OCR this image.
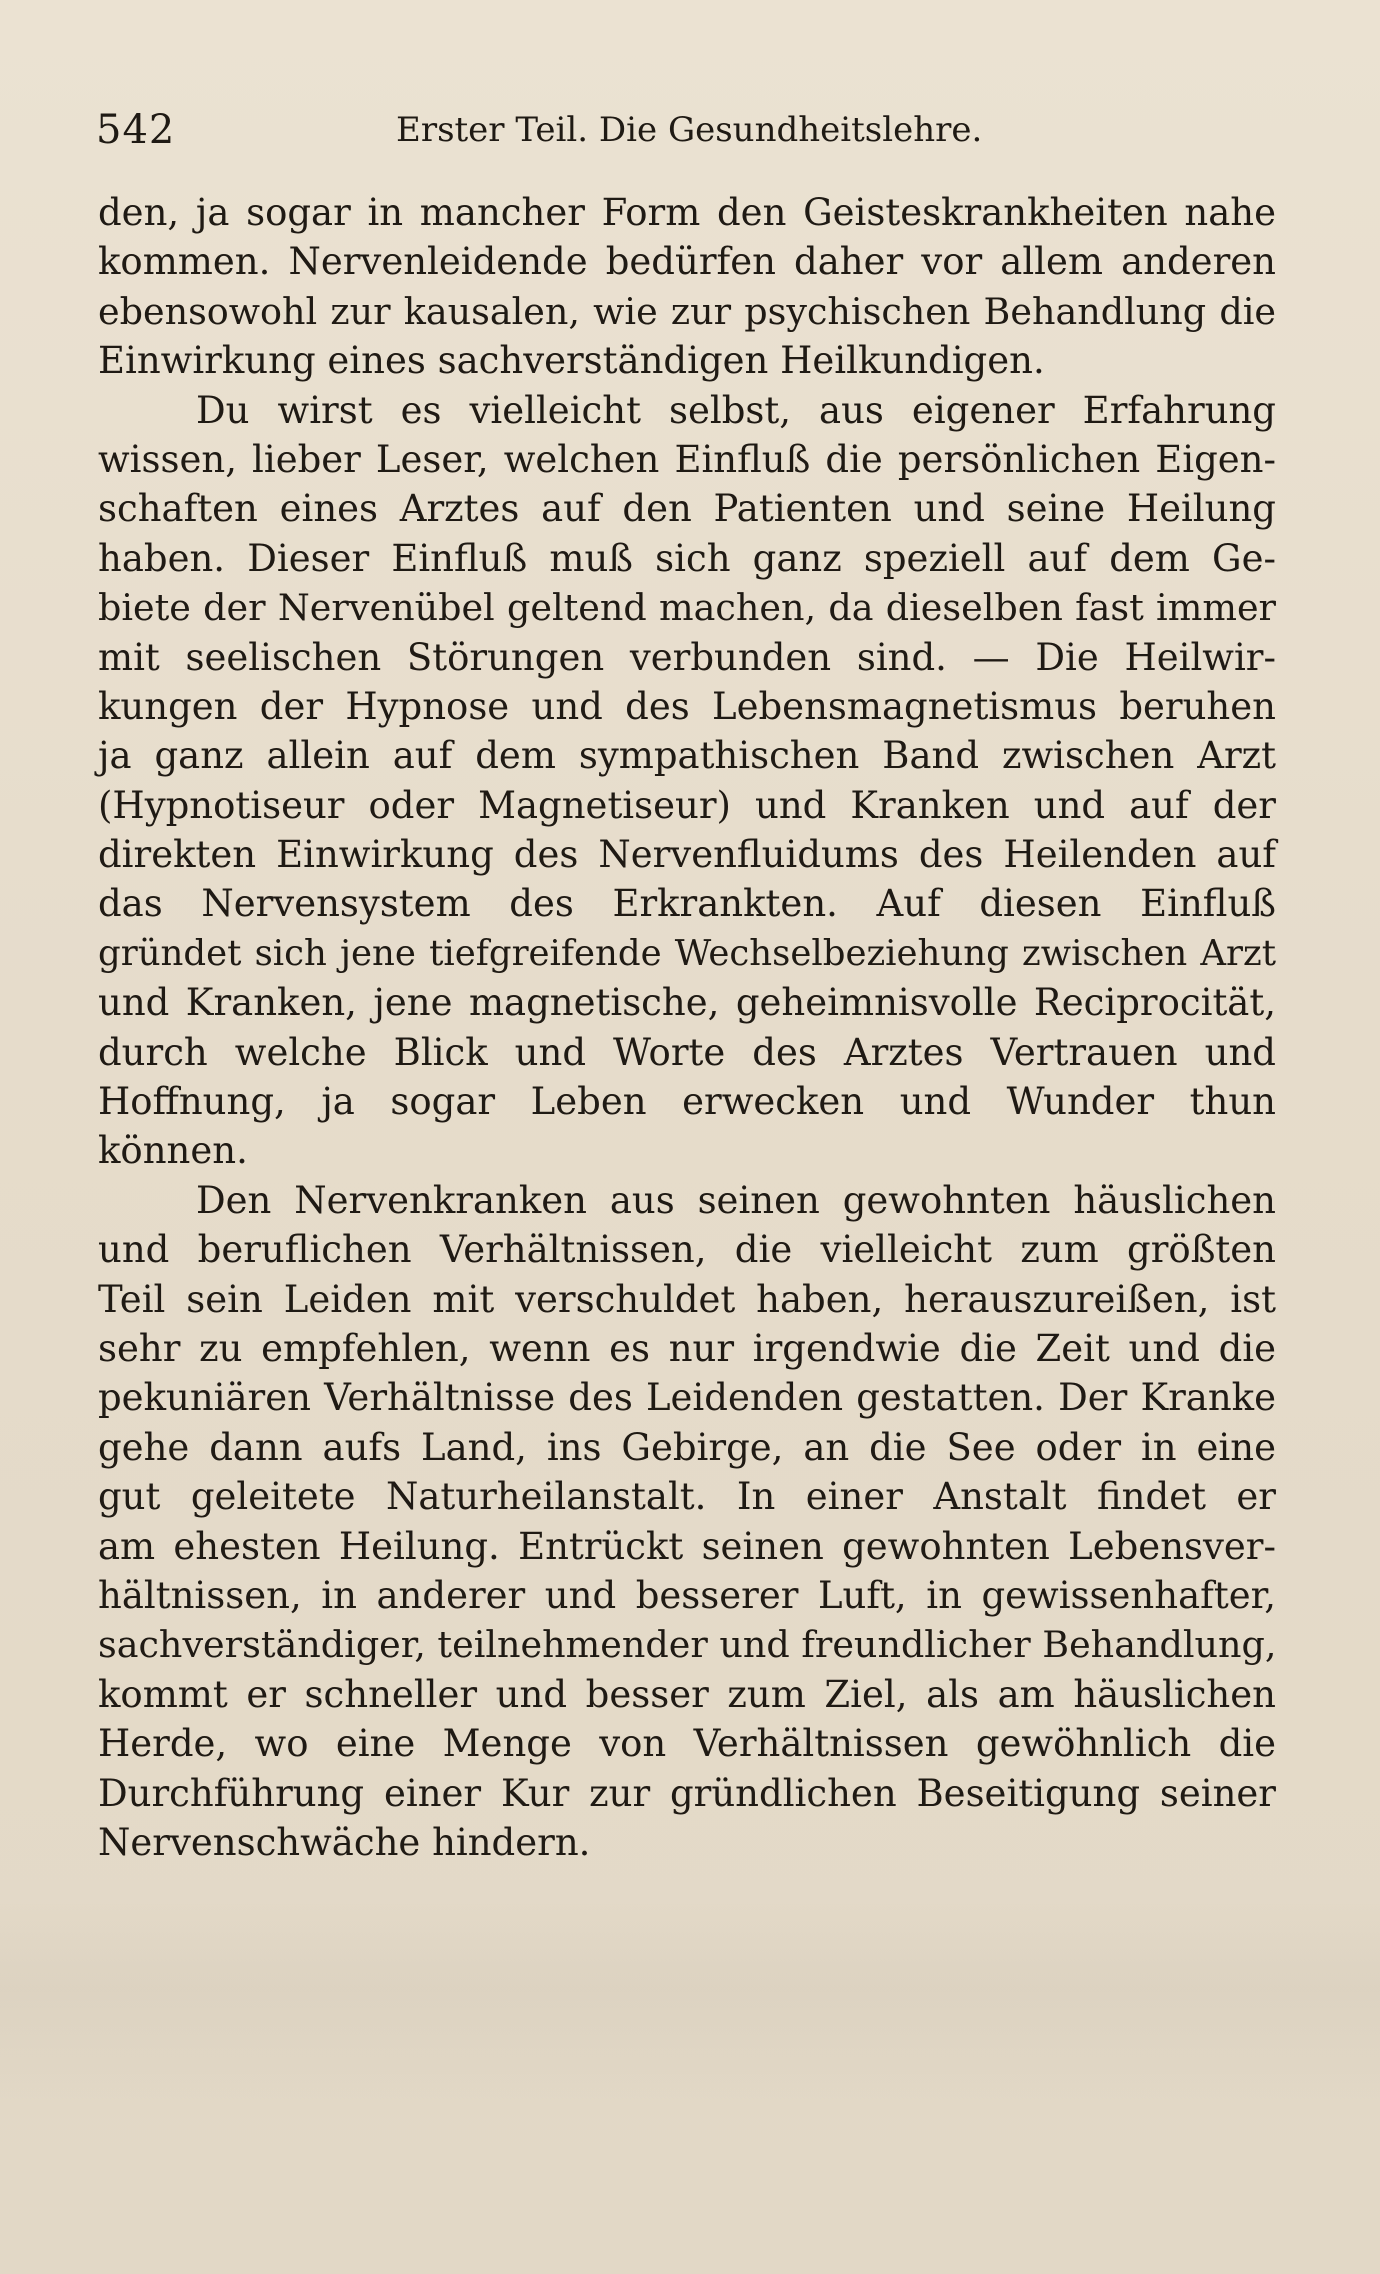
542	Erster Teil. Die Gesundheitslehre.
den, ja sogar in mancher Form den Geisteskrankheiten nahe
kommen. Nervenleidende bedürfen daher vor allem anderen
ebensowohl zur kausalen, wie zur psychischen Behandlung die
Einwirkung eines sachverständigen Heilkundigen.
Du wirst es vielleicht selbst, aus eigener Erfahrung
wissen, lieber Leser, welchen Einfluß die persönlichen Eigen-
schaften eines Arztes auf den Patienten und seine Heilung
haben. Dieser Einfluß muß sich ganz speziell auf dem Ge-
biete der Nervenübel geltend machen, da dieselben fast immer
mit seelischen Störungen verbunden sind. — Die Heilwir-
kungen der Hypnose und des Lebensmagnetismus beruhen
ja ganz allein auf dem sympathischen Band zwischen Arzt
(Hypnotiseur oder Magnetiseur) und Kranken und auf der
direkten Einwirkung des Nervenfluidums des Heilenden auf
das Nervensystem des Erkrankten. Auf diesen Einfluß
gründet sich jene tiefgreifende Wechselbeziehung zwischen Arzt
und Kranken, jene magnetische, geheimnisvolle Reciprocität,
durch welche Blick und Worte des Arztes Vertrauen und
Hoffnung, ja sogar Leben erwecken und Wunder thun
können.
Den Nervenkranken aus seinen gewohnten häuslichen
und beruflichen Verhältnissen, die vielleicht zum größten
Teil sein Leiden mit verschuldet haben, herauszureißen, ist
sehr zu empfehlen, wenn es nur irgendwie die Zeit und die
pekuniären Verhältnisse des Leidenden gestatten. Der Kranke
gehe dann aufs Land, ins Gebirge, an die See oder in eine
gut geleitete Naturheilanstalt. In einer Anstalt findet er
am ehesten Heilung. Entrückt seinen gewohnten Lebensver-
hältnissen, in anderer und besserer Luft, in gewissenhafter,
sachverständiger, teilnehmender und freundlicher Behandlung,
kommt er schneller und besser zum Ziel, als am häuslichen
Herde, wo eine Menge von Verhältnissen gewöhnlich die
Durchführung einer Kur zur gründlichen Beseitigung seiner
Nervenschwäche hindern.
